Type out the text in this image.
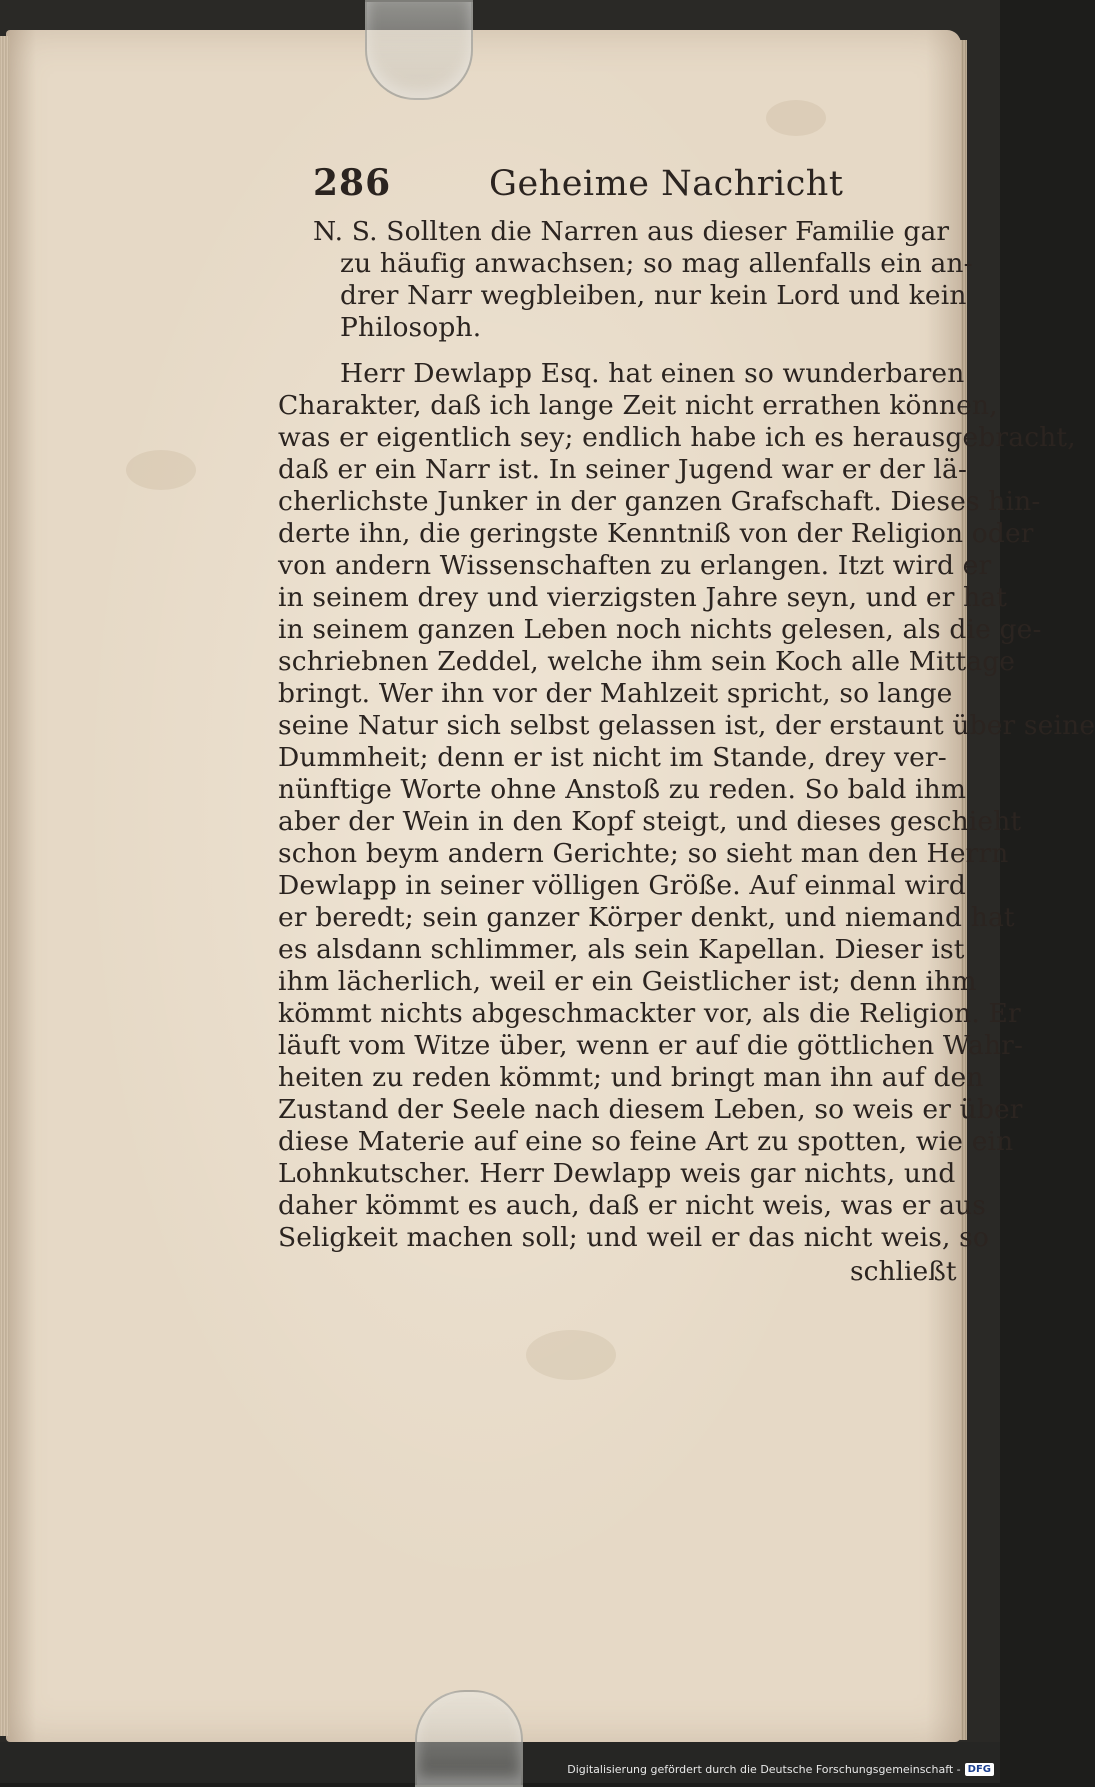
286	Geheime Nachricht
N. S. Sollten die Narren aus dieser Familie gar
zu häufig anwachsen; so mag allenfalls ein an-
drer Narr wegbleiben, nur kein Lord und kein
Philosoph.
Herr Dewlapp Esq. hat einen so wunderbaren
Charakter, daß ich lange Zeit nicht errathen können,
was er eigentlich sey; endlich habe ich es herausgebracht,
daß er ein Narr ist. In seiner Jugend war er der lä-
cherlichste Junker in der ganzen Grafschaft. Dieses hin-
derte ihn, die geringste Kenntniß von der Religion oder
von andern Wissenschaften zu erlangen. Itzt wird er
in seinem drey und vierzigsten Jahre seyn, und er hat
in seinem ganzen Leben noch nichts gelesen, als die ge-
schriebnen Zeddel, welche ihm sein Koch alle Mittage
bringt. Wer ihn vor der Mahlzeit spricht, so lange
seine Natur sich selbst gelassen ist, der erstaunt über seine
Dummheit; denn er ist nicht im Stande, drey ver-
nünftige Worte ohne Anstoß zu reden. So bald ihm
aber der Wein in den Kopf steigt, und dieses geschieht
schon beym andern Gerichte; so sieht man den Herrn
Dewlapp in seiner völligen Größe. Auf einmal wird
er beredt; sein ganzer Körper denkt, und niemand hat
es alsdann schlimmer, als sein Kapellan. Dieser ist
ihm lächerlich, weil er ein Geistlicher ist; denn ihm
kömmt nichts abgeschmackter vor, als die Religion. Er
läuft vom Witze über, wenn er auf die göttlichen Wahr-
heiten zu reden kömmt; und bringt man ihn auf den
Zustand der Seele nach diesem Leben, so weis er über
diese Materie auf eine so feine Art zu spotten, wie ein
Lohnkutscher. Herr Dewlapp weis gar nichts, und
daher kömmt es auch, daß er nicht weis, was er aus
Seligkeit machen soll; und weil er das nicht weis, so
schließt
Digitalisierung gefördert durch die Deutsche Forschungsgemeinschaft - DFG
